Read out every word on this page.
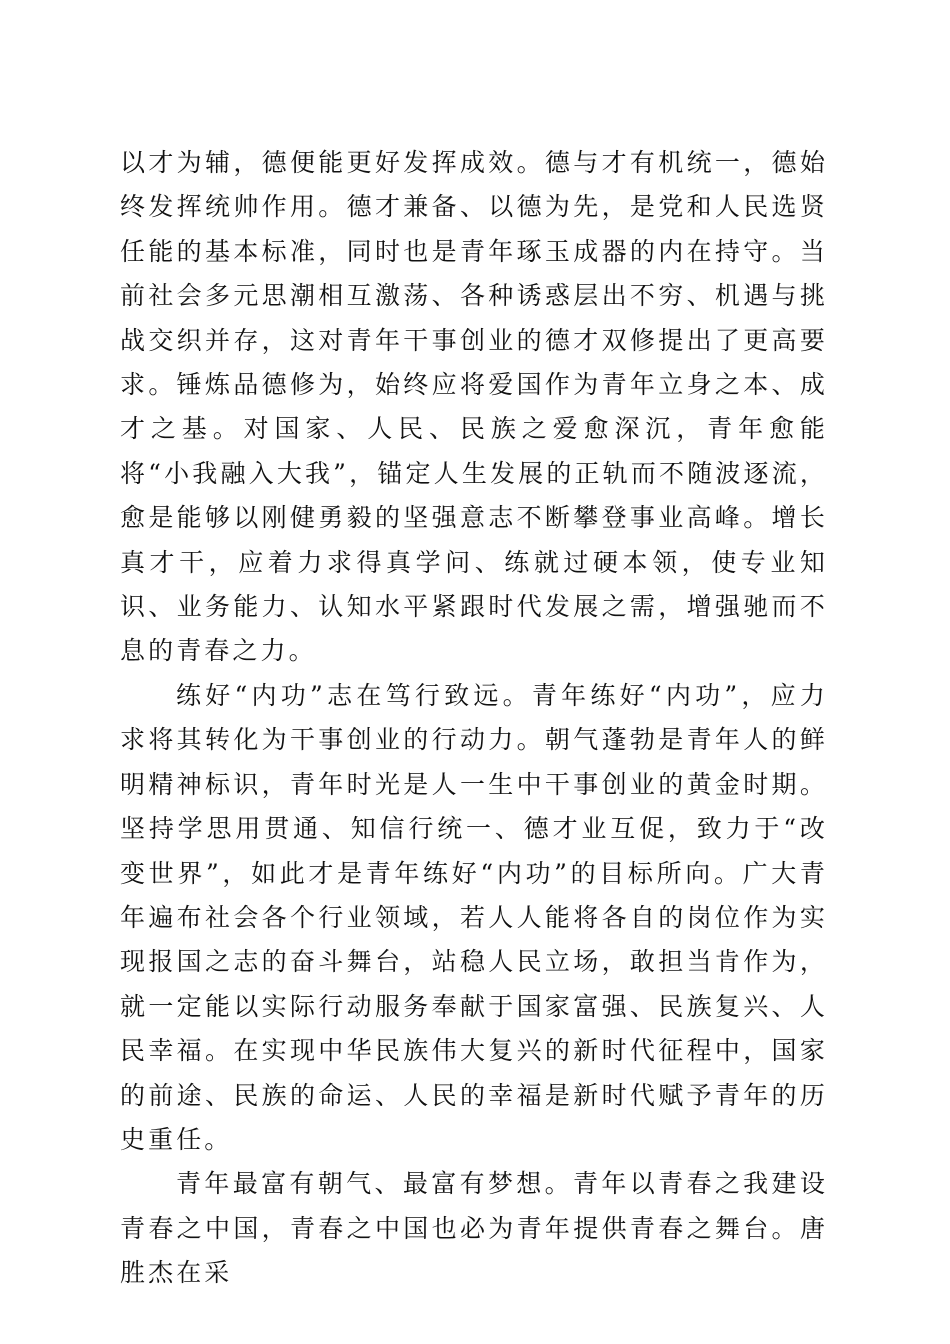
以才为辅，德便能更好发挥成效。德与才有机统一，德始终发挥统帅作用。德才兼备、以德为先，是党和人民选贤任能的基本标准，同时也是青年琢玉成器的内在持守。当前社会多元思潮相互激荡、各种诱惑层出不穷、机遇与挑战交织并存，这对青年干事创业的德才双修提出了更高要求。锤炼品德修为，始终应将爱国作为青年立身之本、成才之基。对国家、人民、民族之爱愈深沉，青年愈能将“小我融入大我”，锚定人生发展的正轨而不随波逐流，愈是能够以刚健勇毅的坚强意志不断攀登事业高峰。增长真才干，应着力求得真学问、练就过硬本领，使专业知识、业务能力、认知水平紧跟时代发展之需，增强驰而不息的青春之力。

练好“内功”志在笃行致远。青年练好“内功”，应力求将其转化为干事创业的行动力。朝气蓬勃是青年人的鲜明精神标识，青年时光是人一生中干事创业的黄金时期。坚持学思用贯通、知信行统一、德才业互促，致力于“改变世界”，如此才是青年练好“内功”的目标所向。广大青年遍布社会各个行业领域，若人人能将各自的岗位作为实现报国之志的奋斗舞台，站稳人民立场，敢担当肯作为，就一定能以实际行动服务奉献于国家富强、民族复兴、人民幸福。在实现中华民族伟大复兴的新时代征程中，国家的前途、民族的命运、人民的幸福是新时代赋予青年的历史重任。

青年最富有朝气、最富有梦想。青年以青春之我建设青春之中国，青春之中国也必为青年提供青春之舞台。唐胜杰在采
